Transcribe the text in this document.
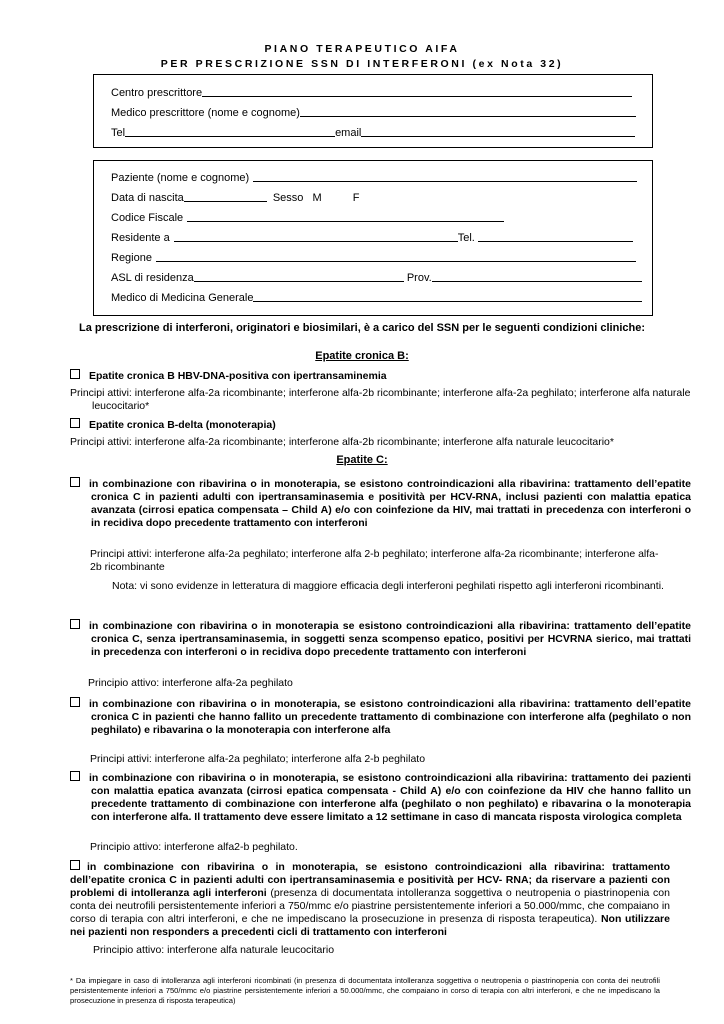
PIANO TERAPEUTICO AIFA
PER PRESCRIZIONE SSN DI INTERFERONI (ex Nota 32)
Centro prescrittore
Medico prescrittore (nome e cognome)
Tel	email
Paziente (nome e cognome)
Data di nascita	Sesso M	F
Codice Fiscale
Residente a	Tel.
Regione
ASL di residenza	Prov.
Medico di Medicina Generale
La prescrizione di interferoni, originatori e biosimilari, è a carico del SSN per le seguenti condizioni cliniche:
Epatite cronica B:
Epatite cronica B HBV-DNA-positiva con ipertransaminemia
Principi attivi: interferone alfa-2a ricombinante; interferone alfa-2b ricombinante; interferone alfa-2a peghilato; interferone alfa naturale leucocitario*
Epatite cronica B-delta (monoterapia)
Principi attivi: interferone alfa-2a ricombinante; interferone alfa-2b ricombinante; interferone alfa naturale leucocitario*
Epatite C:
in combinazione con ribavirina o in monoterapia, se esistono controindicazioni alla ribavirina: trattamento dell’epatite cronica C in pazienti adulti con ipertransaminasemia e positività per HCV-RNA, inclusi pazienti con malattia epatica avanzata (cirrosi epatica compensata – Child A) e/o con coinfezione da HIV, mai trattati in precedenza con interferoni o in recidiva dopo precedente trattamento con interferoni
Principi attivi: interferone alfa-2a peghilato; interferone alfa 2-b peghilato; interferone alfa-2a ricombinante; interferone alfa-2b ricombinante
Nota: vi sono evidenze in letteratura di maggiore efficacia degli interferoni peghilati rispetto agli interferoni ricombinanti.
in combinazione con ribavirina o in monoterapia se esistono controindicazioni alla ribavirina: trattamento dell’epatite cronica C, senza ipertransaminasemia, in soggetti senza scompenso epatico, positivi per HCVRNA sierico, mai trattati in precedenza con interferoni o in recidiva dopo precedente trattamento con interferoni
Principio attivo: interferone alfa-2a peghilato
in combinazione con ribavirina o in monoterapia, se esistono controindicazioni alla ribavirina: trattamento dell’epatite cronica C in pazienti che hanno fallito un precedente trattamento di combinazione con interferone alfa (peghilato o non peghilato) e ribavarina o la monoterapia con interferone alfa
Principi attivi: interferone alfa-2a peghilato; interferone alfa 2-b peghilato
in combinazione con ribavirina o in monoterapia, se esistono controindicazioni alla ribavirina: trattamento dei pazienti con malattia epatica avanzata (cirrosi epatica compensata - Child A) e/o con coinfezione da HIV che hanno fallito un precedente trattamento di combinazione con interferone alfa (peghilato o non peghilato) e ribavarina o la monoterapia con interferone alfa. Il trattamento deve essere limitato a 12 settimane in caso di mancata risposta virologica completa
Principio attivo: interferone alfa2-b peghilato.
in combinazione con ribavirina o in monoterapia, se esistono controindicazioni alla ribavirina: trattamento dell’epatite cronica C in pazienti adulti con ipertransaminasemia e positività per HCV- RNA; da riservare a pazienti con problemi di intolleranza agli interferoni (presenza di documentata intolleranza soggettiva o neutropenia o piastrinopenia con conta dei neutrofili persistentemente inferiori a 750/mmc e/o piastrine persistentemente inferiori a 50.000/mmc, che compaiano in corso di terapia con altri interferoni, e che ne impediscano la prosecuzione in presenza di risposta terapeutica). Non utilizzare nei pazienti non responders a precedenti cicli di trattamento con interferoni
Principio attivo: interferone alfa naturale leucocitario
* Da impiegare in caso di intolleranza agli interferoni ricombinati (in presenza di documentata intolleranza soggettiva o neutropenia o piastrinopenia con conta dei neutrofili persistentemente inferiori a 750/mmc e/o piastrine persistentemente inferiori a 50.000/mmc, che compaiano in corso di terapia con altri interferoni, e che ne impediscano la prosecuzione in presenza di risposta terapeutica)
